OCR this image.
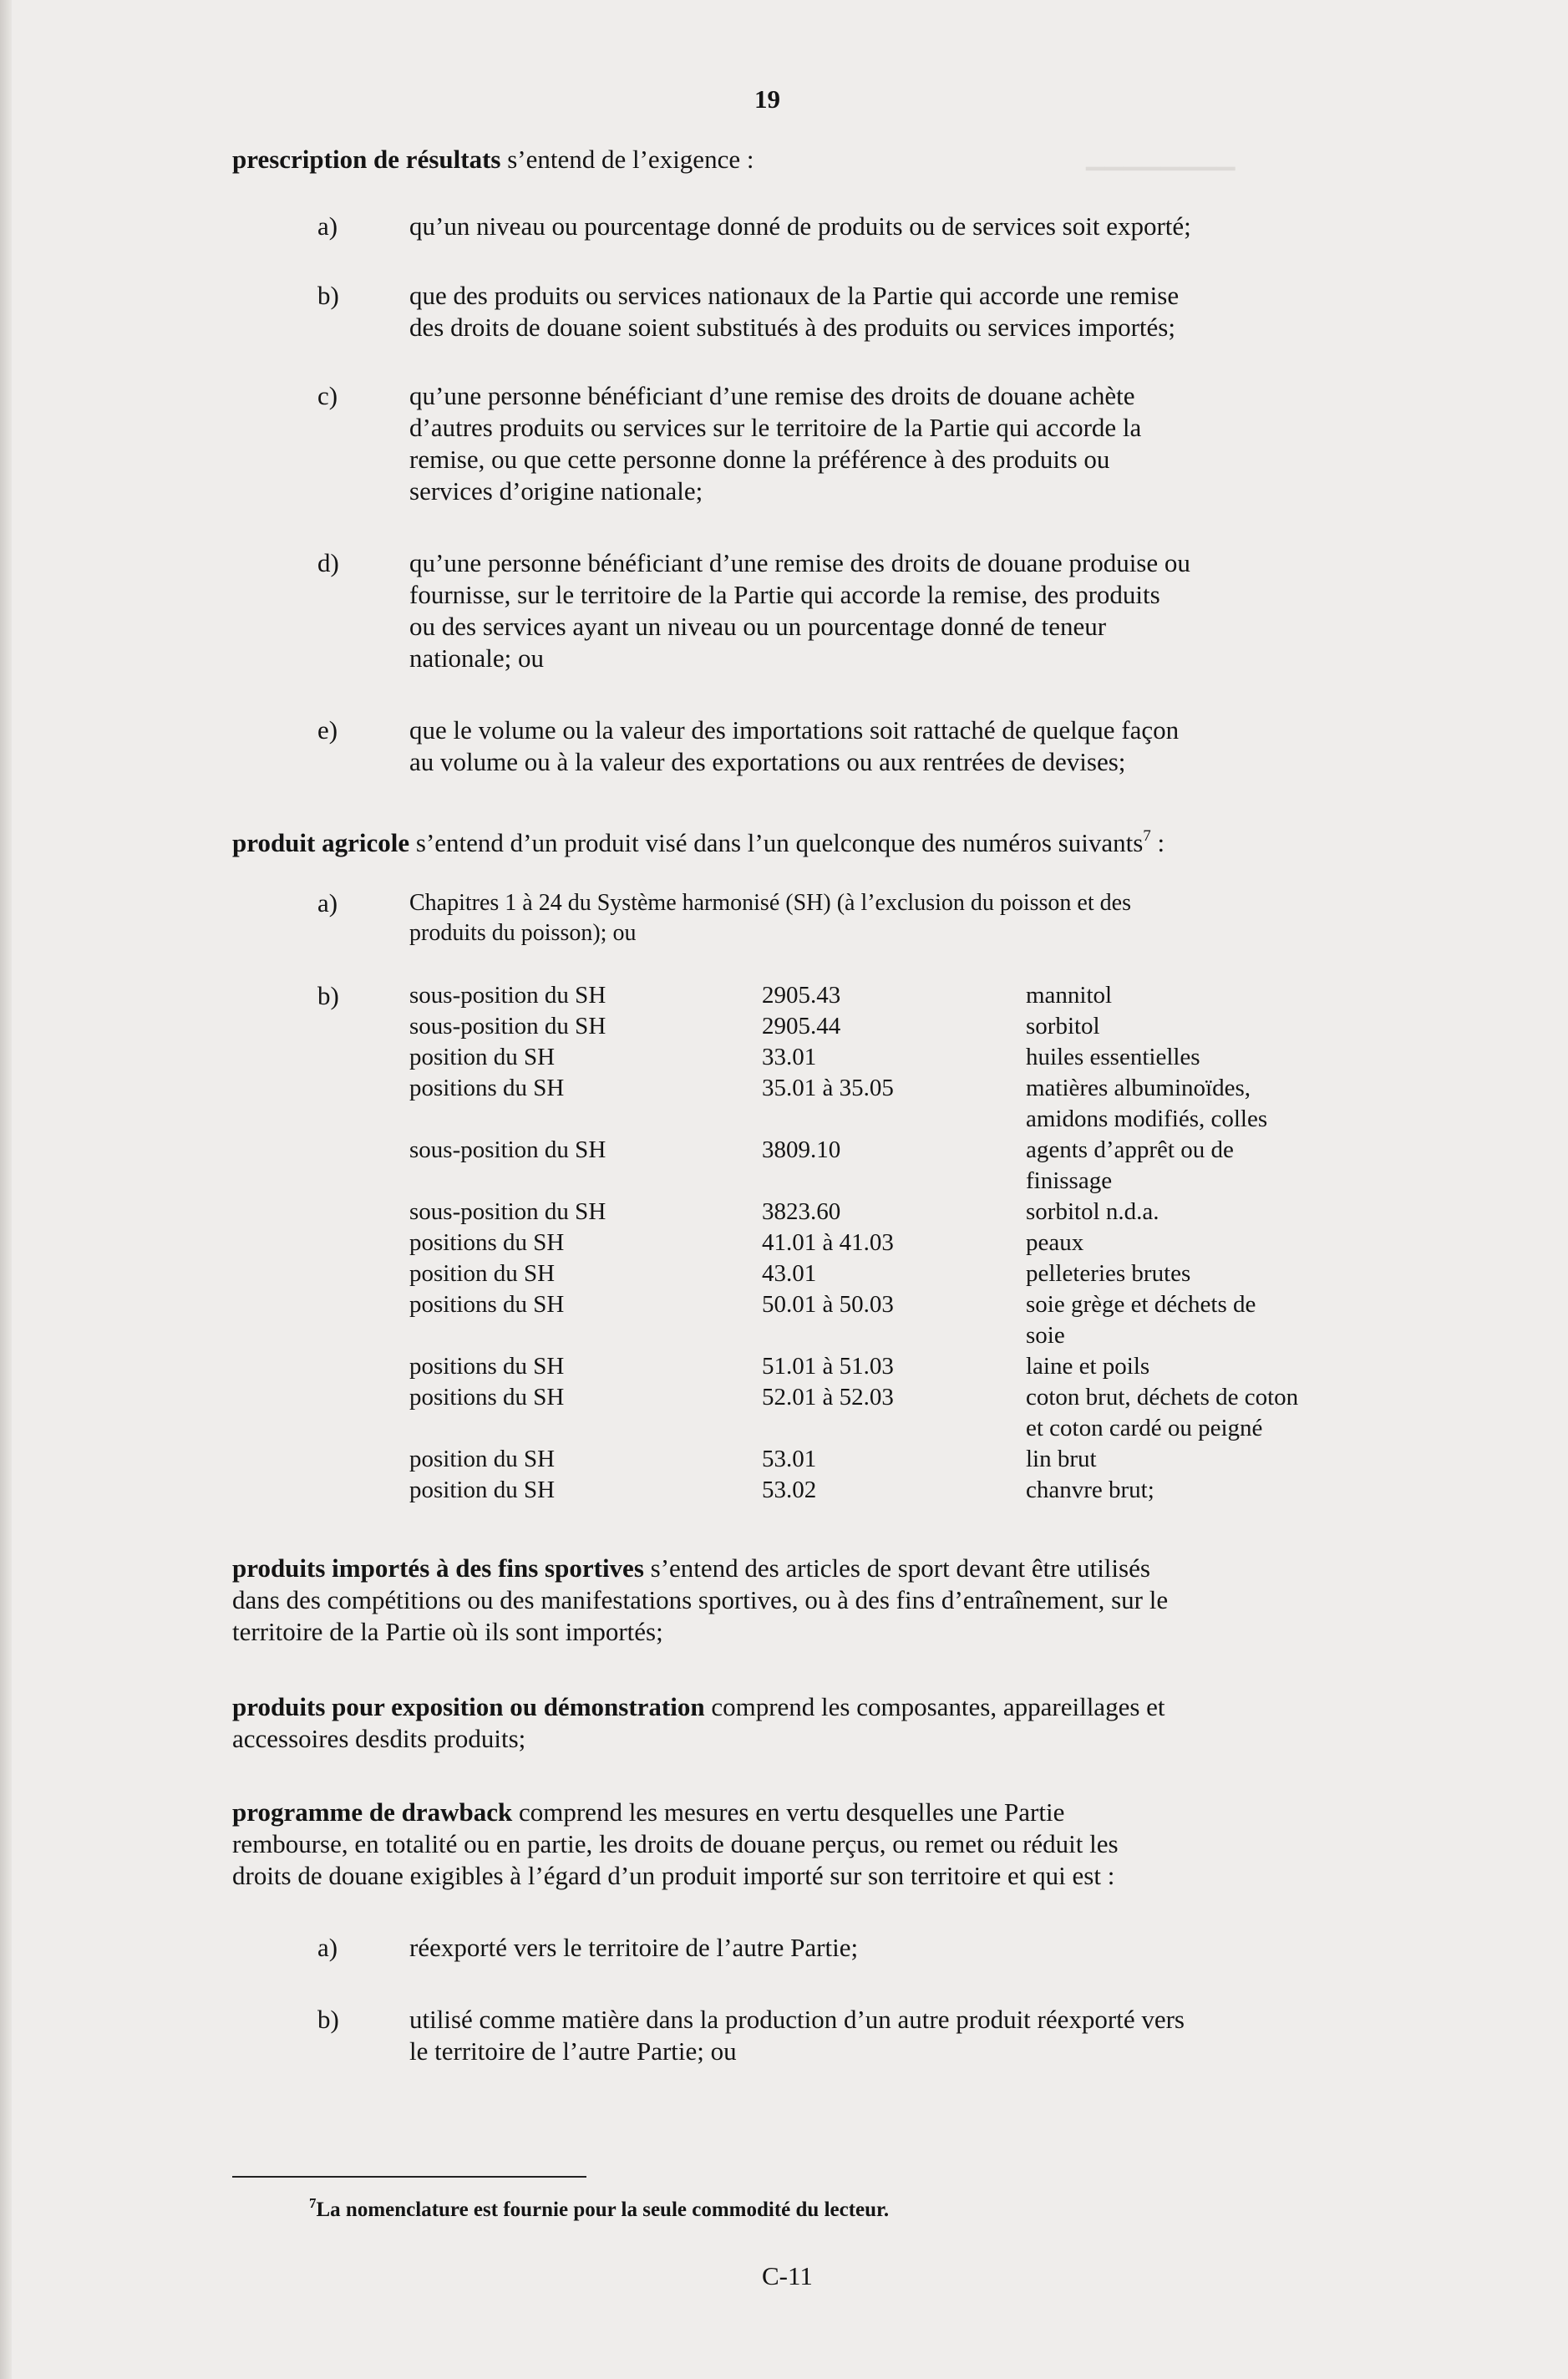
▁▁▁▁▁▁▁▁
19
prescription de résultats s’entend de l’exigence :
a)	qu’un niveau ou pourcentage donné de produits ou de services soit exporté;
b)	que des produits ou services nationaux de la Partie qui accorde une remise
des droits de douane soient substitués à des produits ou services importés;
c)	qu’une personne bénéficiant d’une remise des droits de douane achète
d’autres produits ou services sur le territoire de la Partie qui accorde la
remise, ou que cette personne donne la préférence à des produits ou
services d’origine nationale;
d)	qu’une personne bénéficiant d’une remise des droits de douane produise ou
fournisse, sur le territoire de la Partie qui accorde la remise, des produits
ou des services ayant un niveau ou un pourcentage donné de teneur
nationale; ou
e)	que le volume ou la valeur des importations soit rattaché de quelque façon
au volume ou à la valeur des exportations ou aux rentrées de devises;
produit agricole s’entend d’un produit visé dans l’un quelconque des numéros suivants$^7$ :
a)	Chapitres 1 à 24 du Système harmonisé (SH) (à l’exclusion du poisson et des
produits du poisson); ou
b)	sous-position du SH	2905.43	mannitol
sous-position du SH	2905.44	sorbitol
position du SH	33.01	huiles essentielles
positions du SH	35.01 à 35.05	matières albuminoïdes,
amidons modifiés, colles
sous-position du SH	3809.10	agents d’apprêt ou de
finissage
sous-position du SH	3823.60	sorbitol n.d.a.
positions du SH	41.01 à 41.03	peaux
position du SH	43.01	pelleteries brutes
positions du SH	50.01 à 50.03	soie grège et déchets de
soie
positions du SH	51.01 à 51.03	laine et poils
positions du SH	52.01 à 52.03	coton brut, déchets de coton
et coton cardé ou peigné
position du SH	53.01	lin brut
position du SH	53.02	chanvre brut;
produits importés à des fins sportives s’entend des articles de sport devant être utilisés
dans des compétitions ou des manifestations sportives, ou à des fins d’entraînement, sur le
territoire de la Partie où ils sont importés;
produits pour exposition ou démonstration comprend les composantes, appareillages et
accessoires desdits produits;
programme de drawback comprend les mesures en vertu desquelles une Partie
rembourse, en totalité ou en partie, les droits de douane perçus, ou remet ou réduit les
droits de douane exigibles à l’égard d’un produit importé sur son territoire et qui est :
a)	réexporté vers le territoire de l’autre Partie;
b)	utilisé comme matière dans la production d’un autre produit réexporté vers
le territoire de l’autre Partie; ou
$^7$La nomenclature est fournie pour la seule commodité du lecteur.
C-11
